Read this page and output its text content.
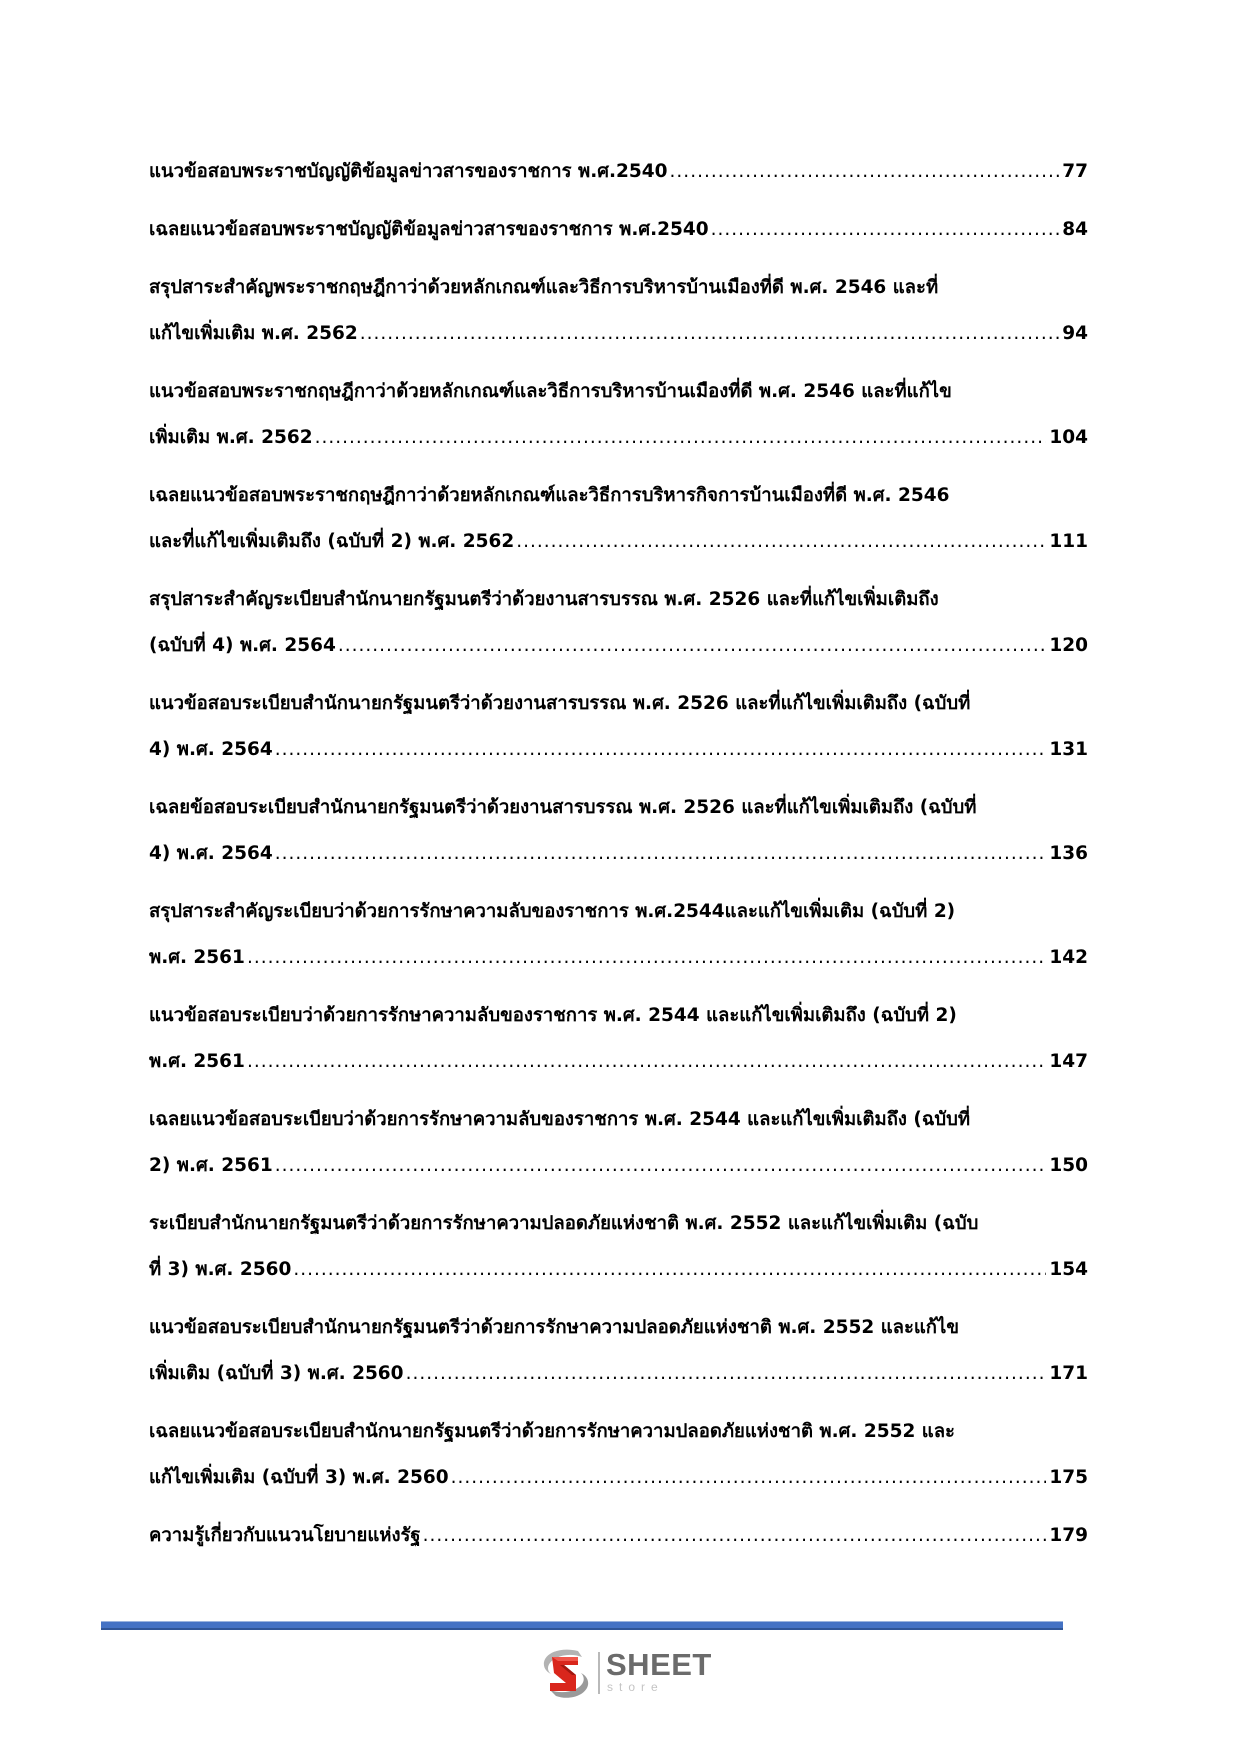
แนวข้อสอบพระราชบัญญัติข้อมูลข่าวสารของราชการ พ.ศ.2540 .....	77
เฉลยแนวข้อสอบพระราชบัญญัติข้อมูลข่าวสารของราชการ พ.ศ.2540 .....	84
สรุปสาระสำคัญพระราชกฤษฎีกาว่าด้วยหลักเกณฑ์และวิธีการบริหารบ้านเมืองที่ดี พ.ศ. 2546 และที่
แก้ไขเพิ่มเติม พ.ศ. 2562 .....	94
แนวข้อสอบพระราชกฤษฎีกาว่าด้วยหลักเกณฑ์และวิธีการบริหารบ้านเมืองที่ดี พ.ศ. 2546 และที่แก้ไข
เพิ่มเติม พ.ศ. 2562 .....	104
เฉลยแนวข้อสอบพระราชกฤษฎีกาว่าด้วยหลักเกณฑ์และวิธีการบริหารกิจการบ้านเมืองที่ดี พ.ศ. 2546
และที่แก้ไขเพิ่มเติมถึง (ฉบับที่ 2) พ.ศ. 2562 .....	111
สรุปสาระสำคัญระเบียบสำนักนายกรัฐมนตรีว่าด้วยงานสารบรรณ พ.ศ. 2526 และที่แก้ไขเพิ่มเติมถึง
(ฉบับที่ 4) พ.ศ. 2564 .....	120
แนวข้อสอบระเบียบสำนักนายกรัฐมนตรีว่าด้วยงานสารบรรณ พ.ศ. 2526 และที่แก้ไขเพิ่มเติมถึง (ฉบับที่
4) พ.ศ. 2564 .....	131
เฉลยข้อสอบระเบียบสำนักนายกรัฐมนตรีว่าด้วยงานสารบรรณ พ.ศ. 2526 และที่แก้ไขเพิ่มเติมถึง (ฉบับที่
4) พ.ศ. 2564 .....	136
สรุปสาระสำคัญระเบียบว่าด้วยการรักษาความลับของราชการ พ.ศ.2544และแก้ไขเพิ่มเติม (ฉบับที่ 2)
พ.ศ. 2561 .....	142
แนวข้อสอบระเบียบว่าด้วยการรักษาความลับของราชการ พ.ศ. 2544 และแก้ไขเพิ่มเติมถึง (ฉบับที่ 2)
พ.ศ. 2561 .....	147
เฉลยแนวข้อสอบระเบียบว่าด้วยการรักษาความลับของราชการ พ.ศ. 2544 และแก้ไขเพิ่มเติมถึง (ฉบับที่
2) พ.ศ. 2561 .....	150
ระเบียบสำนักนายกรัฐมนตรีว่าด้วยการรักษาความปลอดภัยแห่งชาติ พ.ศ. 2552 และแก้ไขเพิ่มเติม (ฉบับ
ที่ 3) พ.ศ. 2560 .....	154
แนวข้อสอบระเบียบสำนักนายกรัฐมนตรีว่าด้วยการรักษาความปลอดภัยแห่งชาติ พ.ศ. 2552 และแก้ไข
เพิ่มเติม (ฉบับที่ 3) พ.ศ. 2560 .....	171
เฉลยแนวข้อสอบระเบียบสำนักนายกรัฐมนตรีว่าด้วยการรักษาความปลอดภัยแห่งชาติ พ.ศ. 2552 และ
แก้ไขเพิ่มเติม (ฉบับที่ 3) พ.ศ. 2560 .....	175
ความรู้เกี่ยวกับแนวนโยบายแห่งรัฐ .....	179
SHEET
store
